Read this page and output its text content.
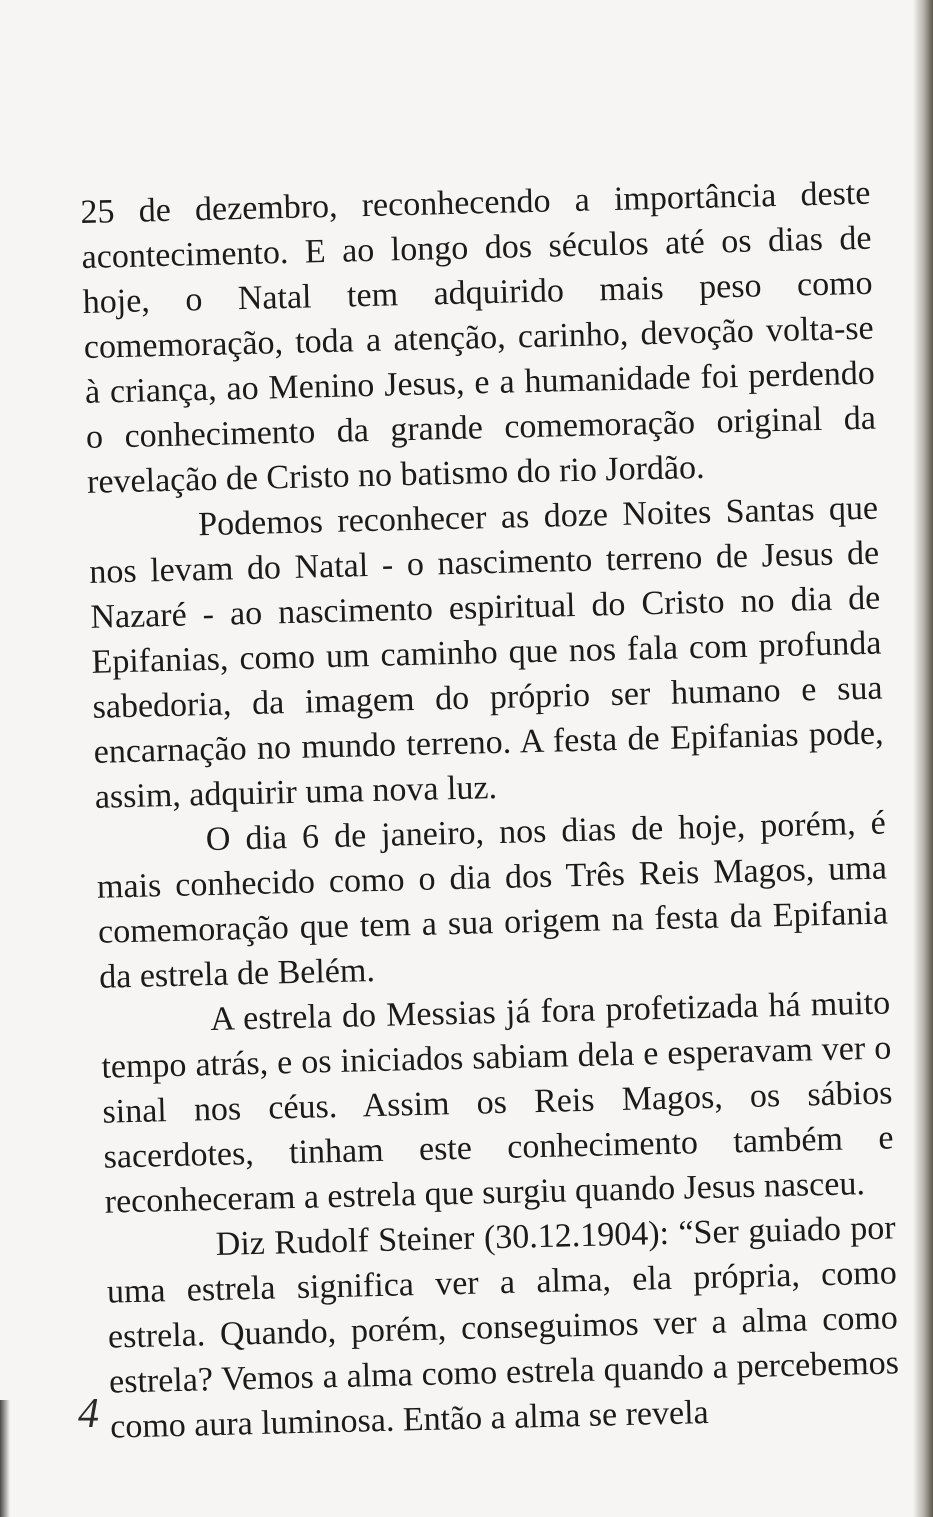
25 de dezembro, reconhecendo a importância deste acontecimento. E ao longo dos séculos até os dias de hoje, o Natal tem adquirido mais peso como comemoração, toda a atenção, carinho, devoção volta-se à criança, ao Menino Jesus, e a humanidade foi perdendo o conhecimento da grande comemoração original da revelação de Cristo no batismo do rio Jordão.

Podemos reconhecer as doze Noites Santas que nos levam do Natal - o nascimento terreno de Jesus de Nazaré - ao nascimento espiritual do Cristo no dia de Epifanias, como um caminho que nos fala com profunda sabedoria, da imagem do próprio ser humano e sua encarnação no mundo terreno. A festa de Epifanias pode, assim, adquirir uma nova luz.

O dia 6 de janeiro, nos dias de hoje, porém, é mais conhecido como o dia dos Três Reis Magos, uma comemoração que tem a sua origem na festa da Epifania da estrela de Belém.

A estrela do Messias já fora profetizada há muito tempo atrás, e os iniciados sabiam dela e esperavam ver o sinal nos céus. Assim os Reis Magos, os sábios sacerdotes, tinham este conhecimento também e reconheceram a estrela que surgiu quando Jesus nasceu.

Diz Rudolf Steiner (30.12.1904): “Ser guiado por uma estrela significa ver a alma, ela própria, como estrela. Quando, porém, conseguimos ver a alma como estrela? Vemos a alma como estrela quando a percebemos como aura luminosa. Então a alma se revela

4
